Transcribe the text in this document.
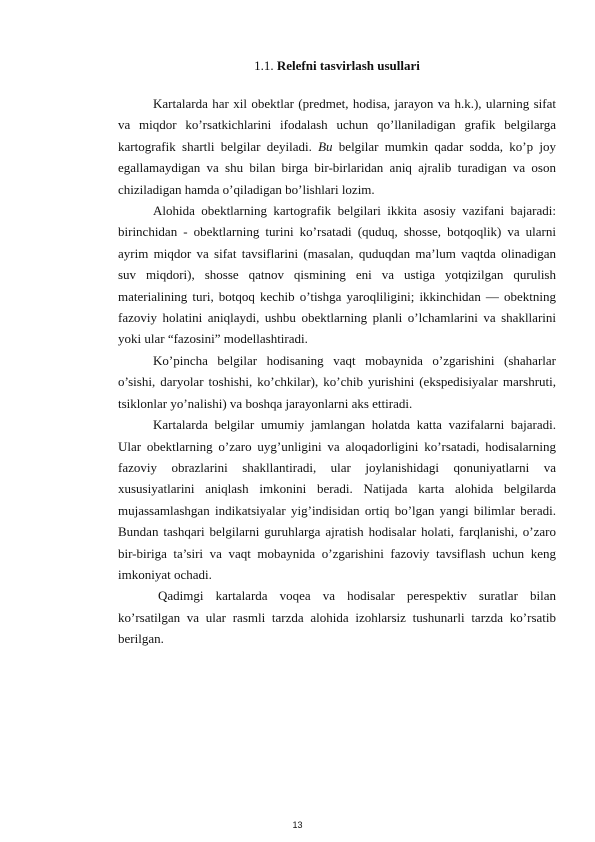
1.1. Relefni tasvirlash usullari

Kartalarda har xil obektlar (predmet, hodisa, jarayon va h.k.), ularning sifat va miqdor ko’rsatkichlarini ifodalash uchun qo’llaniladigan grafik belgilarga kartografik shartli belgilar deyiladi. Bu belgilar mumkin qadar sodda, ko’p joy egallamaydigan va shu bilan birga bir-birlaridan aniq ajralib turadigan va oson chiziladigan hamda o’qiladigan bo’lishlari lozim.

Alohida obektlarning kartografik belgilari ikkita asosiy vazifani bajaradi: birinchidan - obektlarning turini ko’rsatadi (quduq, shosse, botqoqlik) va ularni ayrim miqdor va sifat tavsiflarini (masalan, quduqdan ma’lum vaqtda olinadigan suv miqdori), shosse qatnov qismining eni va ustiga yotqizilgan qurulish materialining turi, botqoq kechib o’tishga yaroqliligini; ikkinchidan — obektning fazoviy holatini aniqlaydi, ushbu obektlarning planli o’lchamlarini va shakllarini yoki ular “fazosini” modellashtiradi.

Ko’pincha belgilar hodisaning vaqt mobaynida o’zgarishini (shaharlar o’sishi, daryolar toshishi, ko’chkilar), ko’chib yurishini (ekspedisiyalar marshruti, tsiklonlar yo’nalishi) va boshqa jarayonlarni aks ettiradi.

Kartalarda belgilar umumiy jamlangan holatda katta vazifalarni bajaradi. Ular obektlarning o’zaro uyg’unligini va aloqadorligini ko’rsatadi, hodisalarning fazoviy obrazlarini shakllantiradi, ular joylanishidagi qonuniyatlarni va xususiyatlarini aniqlash imkonini beradi. Natijada karta alohida belgilarda mujassamlashgan indikatsiyalar yig’indisidan ortiq bo’lgan yangi bilimlar beradi. Bundan tashqari belgilarni guruhlarga ajratish hodisalar holati, farqlanishi, o’zaro bir-biriga ta’siri va vaqt mobaynida o’zgarishini fazoviy tavsiflash uchun keng imkoniyat ochadi.

Qadimgi kartalarda voqea va hodisalar perespektiv suratlar bilan ko’rsatilgan va ular rasmli tarzda alohida izohlarsiz tushunarli tarzda ko’rsatib berilgan.

13
